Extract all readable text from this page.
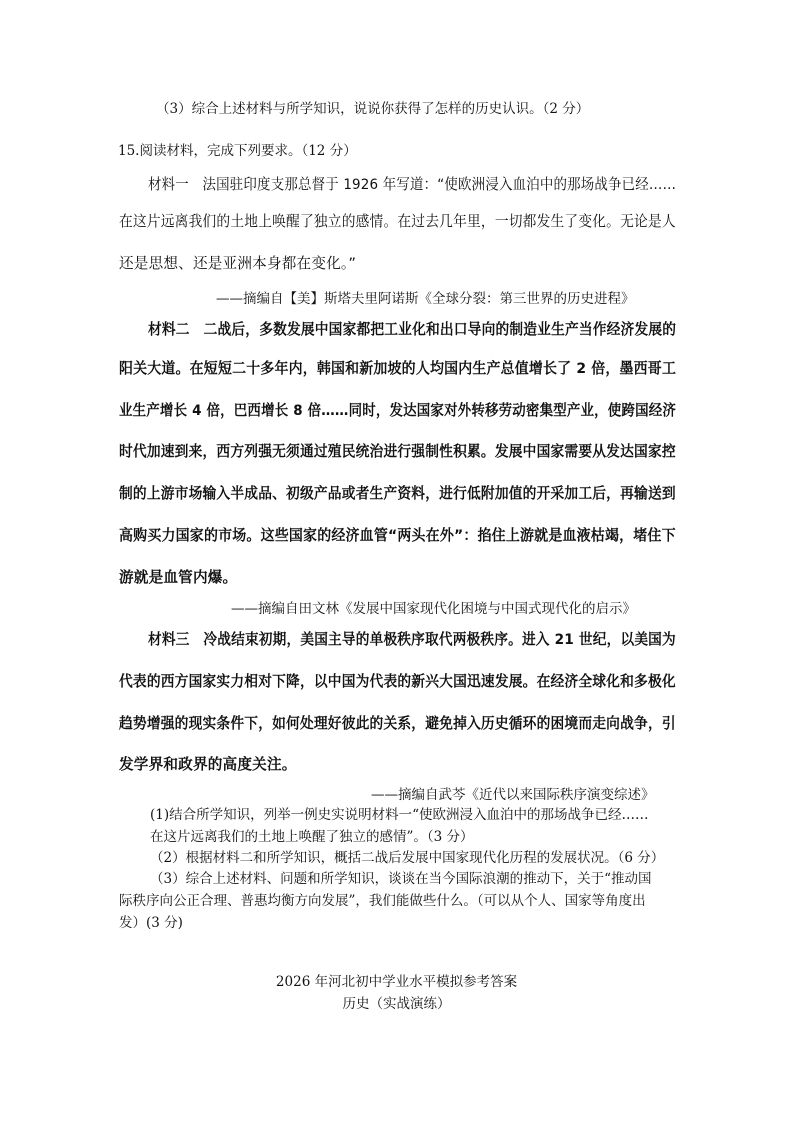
（3）综合上述材料与所学知识，说说你获得了怎样的历史认识。（2 分）
15.阅读材料，完成下列要求。（12 分）
材料一　法国驻印度支那总督于 1926 年写道：“使欧洲浸入血泊中的那场战争已经……
在这片远离我们的土地上唤醒了独立的感情。在过去几年里，一切都发生了变化。无论是人
还是思想、还是亚洲本身都在变化。”
——摘编自【美】斯塔夫里阿诺斯《全球分裂：第三世界的历史进程》
材料二　二战后，多数发展中国家都把工业化和出口导向的制造业生产当作经济发展的
阳关大道。在短短二十多年内，韩国和新加坡的人均国内生产总值增长了 2 倍，墨西哥工
业生产增长 4 倍，巴西增长 8 倍……同时，发达国家对外转移劳动密集型产业，使跨国经济
时代加速到来，西方列强无须通过殖民统治进行强制性积累。发展中国家需要从发达国家控
制的上游市场输入半成品、初级产品或者生产资料，进行低附加值的开采加工后，再输送到
高购买力国家的市场。这些国家的经济血管“两头在外”：掐住上游就是血液枯竭，堵住下
游就是血管内爆。
——摘编自田文林《发展中国家现代化困境与中国式现代化的启示》
材料三　冷战结束初期，美国主导的单极秩序取代两极秩序。进入 21 世纪，以美国为
代表的西方国家实力相对下降，以中国为代表的新兴大国迅速发展。在经济全球化和多极化
趋势增强的现实条件下，如何处理好彼此的关系，避免掉入历史循环的困境而走向战争，引
发学界和政界的高度关注。
——摘编自武芩《近代以来国际秩序演变综述》
(1)结合所学知识，列举一例史实说明材料一“使欧洲浸入血泊中的那场战争已经……
在这片远离我们的土地上唤醒了独立的感情”。（3 分）
（2）根据材料二和所学知识，概括二战后发展中国家现代化历程的发展状况。（6 分）
（3）综合上述材料、问题和所学知识，谈谈在当今国际浪潮的推动下，关于“推动国
际秩序向公正合理、普惠均衡方向发展”，我们能做些什么。（可以从个人、国家等角度出
发）(3 分)
2026 年河北初中学业水平模拟参考答案
历史（实战演练）
